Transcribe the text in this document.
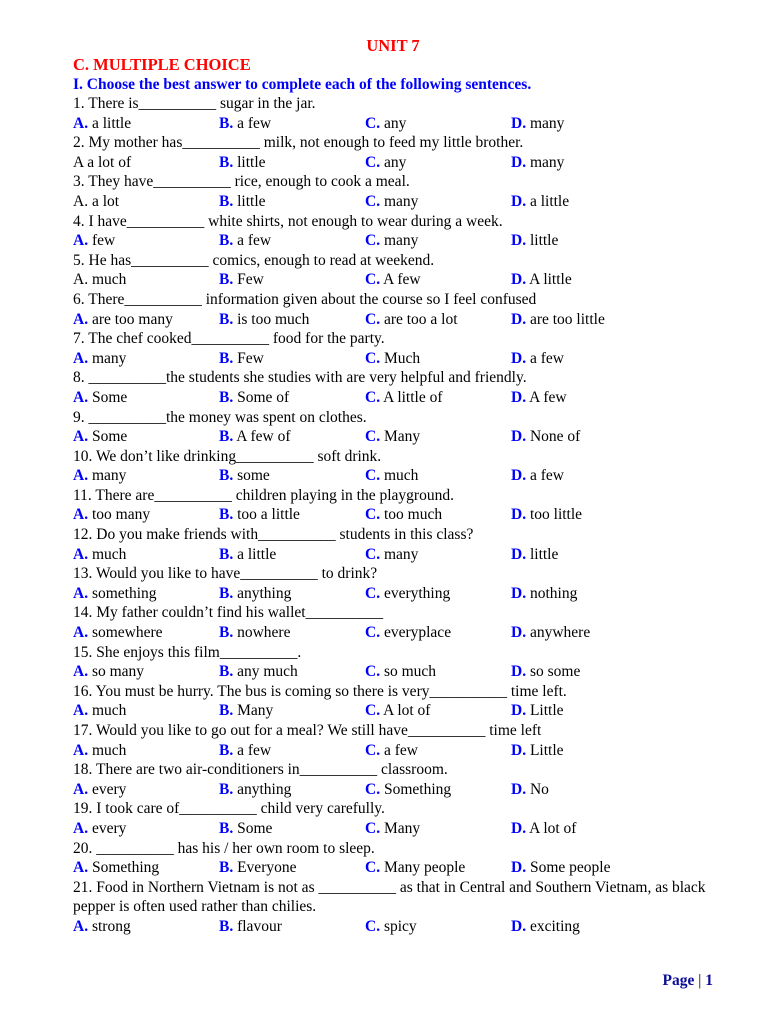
UNIT 7
C. MULTIPLE CHOICE
I. Choose the best answer to complete each of the following sentences.
1. There is__________ sugar in the jar.
A. a little	B. a few	C. any	D. many
2. My mother has__________ milk, not enough to feed my little brother.
A a lot of	B. little	C. any	D. many
3. They have__________ rice, enough to cook a meal.
A. a lot	B. little	C. many	D. a little
4. I have__________ white shirts, not enough to wear during a week.
A. few	B. a few	C. many	D. little
5. He has__________ comics, enough to read at weekend.
A. much	B. Few	C. A few	D. A little
6. There__________ information given about the course so I feel confused
A. are too many	B. is too much	C. are too a lot	D. are too little
7. The chef cooked__________ food for the party.
A. many	B. Few	C. Much	D. a few
8. __________the students she studies with are very helpful and friendly.
A. Some	B. Some of	C. A little of	D. A few
9. __________the money was spent on clothes.
A. Some	B. A few of	C. Many	D. None of
10. We don’t like drinking__________ soft drink.
A. many	B. some	C. much	D. a few
11. There are__________ children playing in the playground.
A. too many	B. too a little	C. too much	D. too little
12. Do you make friends with__________ students in this class?
A. much	B. a little	C. many	D. little
13. Would you like to have__________ to drink?
A. something	B. anything	C. everything	D. nothing
14. My father couldn’t find his wallet__________
A. somewhere	B. nowhere	C. everyplace	D. anywhere
15. She enjoys this film__________.
A. so many	B. any much	C. so much	D. so some
16. You must be hurry. The bus is coming so there is very__________ time left.
A. much	B. Many	C. A lot of	D. Little
17. Would you like to go out for a meal? We still have__________ time left
A. much	B. a few	C. a few	D. Little
18. There are two air-conditioners in__________ classroom.
A. every	B. anything	C. Something	D. No
19. I took care of__________ child very carefully.
A. every	B. Some	C. Many	D. A lot of
20. __________ has his / her own room to sleep.
A. Something	B. Everyone	C. Many people	D. Some people
21. Food in Northern Vietnam is not as __________ as that in Central and Southern Vietnam, as black pepper is often used rather than chilies.
A. strong	B. flavour	C. spicy	D. exciting
Page | 1
